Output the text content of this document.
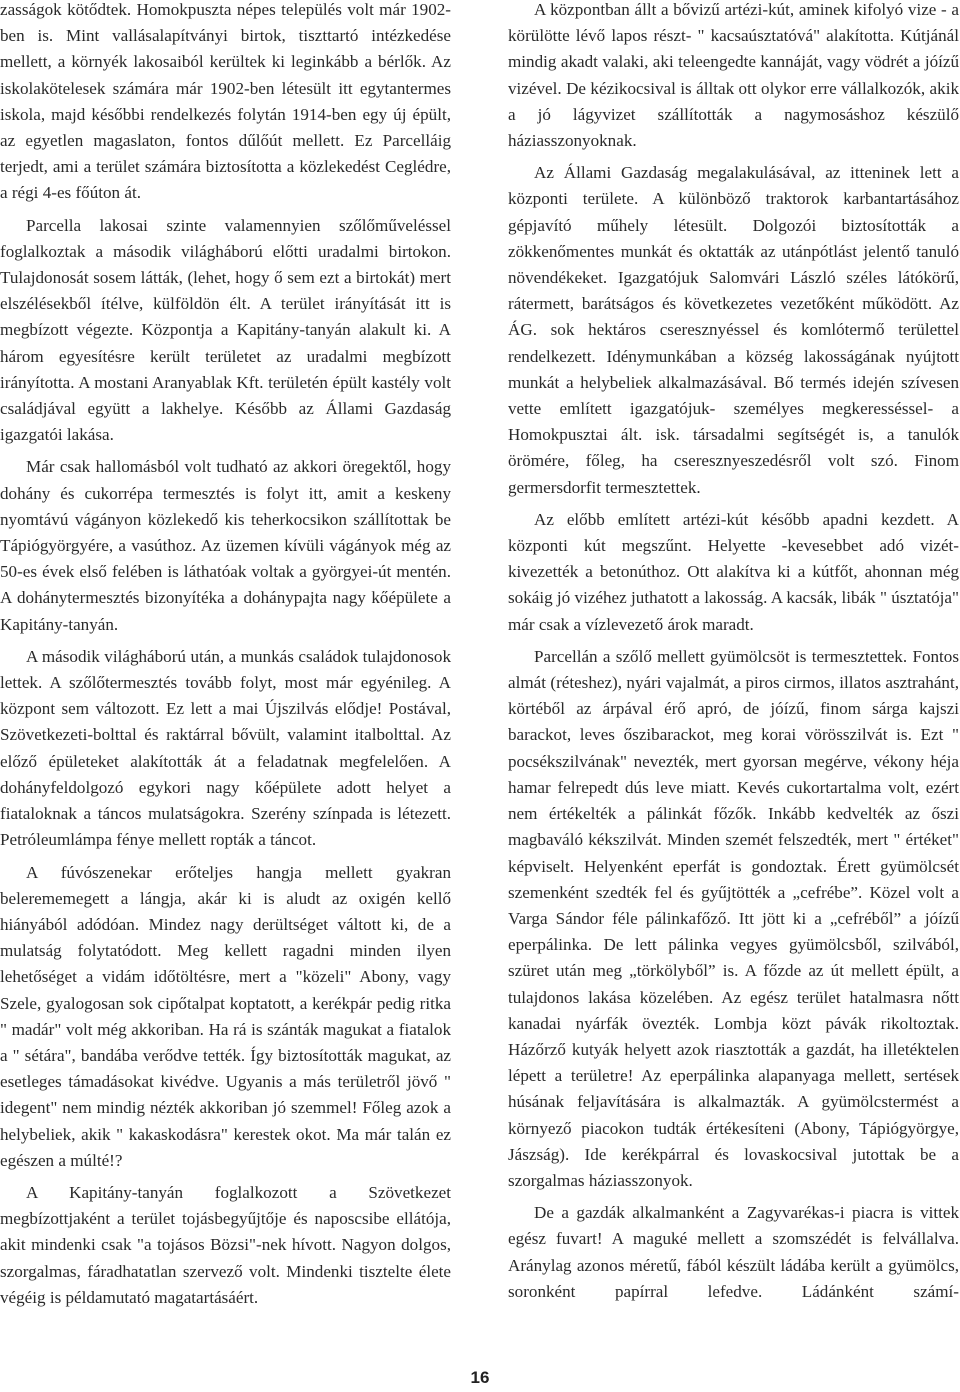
zasságok kötődtek. Homokpuszta népes település volt már 1902-ben is. Mint vallásalapítványi birtok, tiszttartó intézkedése mellett, a környék lakosaiból kerültek ki leginkább a bérlők. Az iskolakötelesek számára már 1902-ben létesült itt egytantermes iskola, majd későbbi rendelkezés folytán 1914-ben egy új épült, az egyetlen magaslaton, fontos dűlőút mellett. Ez Parcelláig terjedt, ami a terület számára biztosította a közlekedést Ceglédre, a régi 4-es főúton át.

Parcella lakosai szinte valamennyien szőlőműveléssel foglalkoztak a második világháború előtti uradalmi birtokon. Tulajdonosát sosem látták, (lehet, hogy ő sem ezt a birtokát) mert elszélésekből ítélve, külföldön élt. A terület irányítását itt is megbízott végezte. Központja a Kapitány-tanyán alakult ki. A három egyesítésre került területet az uradalmi megbízott irányította. A mostani Aranyablak Kft. területén épült kastély volt családjával együtt a lakhelye. Később az Állami Gazdaság igazgatói lakása.

Már csak hallomásból volt tudható az akkori öregektől, hogy dohány és cukorrépa termesztés is folyt itt, amit a keskeny nyomtávú vágányon közlekedő kis teherkocsikon szállítottak be Tápiógyörgyére, a vasúthoz. Az üzemen kívüli vágányok még az 50-es évek első felében is láthatóak voltak a györgyei-út mentén. A dohánytermesztés bizonyítéka a dohánypajta nagy kőépülete a Kapitány-tanyán.

A második világháború után, a munkás családok tulajdonosok lettek. A szőlőtermesztés tovább folyt, most már egyénileg. A központ sem változott. Ez lett a mai Újszilvás elődje! Postával, Szövetkezeti-bolttal és raktárral bővült, valamint italbolttal. Az előző épületeket alakították át a feladatnak megfelelően. A dohányfeldolgozó egykori nagy kőépülete adott helyet a fiataloknak a táncos mulatságokra. Szerény színpada is létezett. Petróleumlámpa fénye mellett ropták a táncot.

A fúvószenekar erőteljes hangja mellett gyakran belerememegett a lángja, akár ki is aludt az oxigén kellő hiányából adódóan. Mindez nagy derültséget váltott ki, de a mulatság folytatódott. Meg kellett ragadni minden ilyen lehetőséget a vidám időtöltésre, mert a "közeli" Abony, vagy Szele, gyalogosan sok cipőtalpat koptatott, a kerékpár pedig ritka " madár" volt még akkoriban. Ha rá is szánták magukat a fiatalok a " sétára", bandába verődve tették. Így biztosították magukat, az esetleges támadásokat kivédve. Ugyanis a más területről jövő " idegent" nem mindig nézték akkoriban jó szemmel! Főleg azok a helybeliek, akik " kakaskodásra" kerestek okot. Ma már talán ez egészen a múlté!?

A Kapitány-tanyán foglalkozott a Szövetkezet megbízottjaként a terület tojásbegyűjtője és naposcsibe ellátója, akit mindenki csak "a tojásos Bözsi"-nek hívott. Nagyon dolgos, szorgalmas, fáradhatatlan szervező volt. Mindenki tisztelte élete végéig is példamutató magatartásáért.

A központban állt a bővizű artézi-kút, aminek kifolyó vize - a körülötte lévő lapos részt- " kacsaúsztatóvá" alakította. Kútjánál mindig akadt valaki, aki teleengedte kannáját, vagy vödrét a jóízű vizével. De kézikocsival is álltak ott olykor erre vállalkozók, akik a jó lágyvizet szállították a nagymosáshoz készülő háziasszonyoknak.

Az Állami Gazdaság megalakulásával, az itteninek lett a központi területe. A különböző traktorok karbantartásához gépjavító műhely létesült. Dolgozói biztosították a zökkenőmentes munkát és oktatták az utánpótlást jelentő tanuló növendékeket. Igazgatójuk Salomvári László széles látókörű, rátermett, barátságos és következetes vezetőként működött. Az ÁG. sok hektáros cseresznyéssel és komlótermő területtel rendelkezett. Idénymunkában a község lakosságának nyújtott munkát a helybeliek alkalmazásával. Bő termés idején szívesen vette említett igazgatójuk- személyes megkeresséssel- a Homokpusztai ált. isk. társadalmi segítségét is, a tanulók örömére, főleg, ha cseresznyeszedésről volt szó. Finom germersdorfit termesztettek.

Az előbb említett artézi-kút később apadni kezdett. A központi kút megszűnt. Helyette -kevesebbet adó vizét- kivezették a betonúthoz. Ott alakítva ki a kútfőt, ahonnan még sokáig jó vizéhez juthatott a lakosság. A kacsák, libák " úsztatója" már csak a vízlevezető árok maradt.

Parcellán a szőlő mellett gyümölcsöt is termesztettek. Fontos almát (réteshez), nyári vajalmát, a piros cirmos, illatos asztrahánt, körtéből az árpával érő apró, de jóízű, finom sárga kajszi barackot, leves őszibarackot, meg korai vörösszilvát is. Ezt " pocsékszilvának" nevezték, mert gyorsan megérve, vékony héja hamar felrepedt dús leve miatt. Kevés cukortartalma volt, ezért nem értékelték a pálinkát főzők. Inkább kedvelték az őszi magbaváló kékszilvát. Minden szemét felszedték, mert " értéket" képviselt. Helyenként eperfát is gondoztak. Érett gyümölcsét szemenként szedték fel és gyűjtötték a „cefrébe”. Közel volt a Varga Sándor féle pálinkafőző. Itt jött ki a „cefréből” a jóízű eperpálinka. De lett pálinka vegyes gyümölcsből, szilvából, szüret után meg „törkölyből” is. A főzde az út mellett épült, a tulajdonos lakása közelében. Az egész terület hatalmasra nőtt kanadai nyárfák övezték. Lombja közt pávák rikoltoztak. Házőrző kutyák helyett azok riasztották a gazdát, ha illetéktelen lépett a területre! Az eperpálinka alapanyaga mellett, sertések húsának feljavítására is alkalmazták. A gyümölcstermést a környező piacokon tudták értékesíteni (Abony, Tápiógyörgye, Jászság). Ide kerékpárral és lovaskocsival jutottak be a szorgalmas háziasszonyok.

De a gazdák alkalmanként a Zagyvarékas-i piacra is vittek egész fuvart! A maguké mellett a szomszédét is felvállalva. Aránylag azonos méretű, fából készült ládába került a gyümölcs, soronként papírral lefedve. Ládánként számí-

16
